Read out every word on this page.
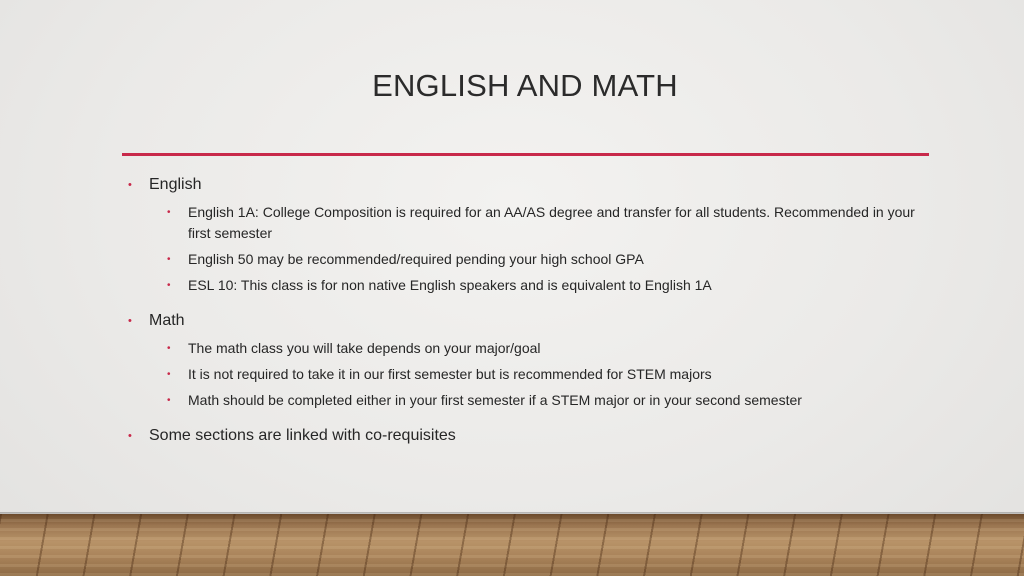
ENGLISH AND MATH
• English
• English 1A: College Composition is required for an AA/AS degree and transfer for all students. Recommended in your first semester
• English 50 may be recommended/required pending your high school GPA
• ESL 10: This class is for non native English speakers and is equivalent to English 1A
• Math
• The math class you will take depends on your major/goal
• It is not required to take it in our first semester but is recommended for STEM majors
• Math should be completed either in your first semester if a STEM major or in your second semester
• Some sections are linked with co-requisites
